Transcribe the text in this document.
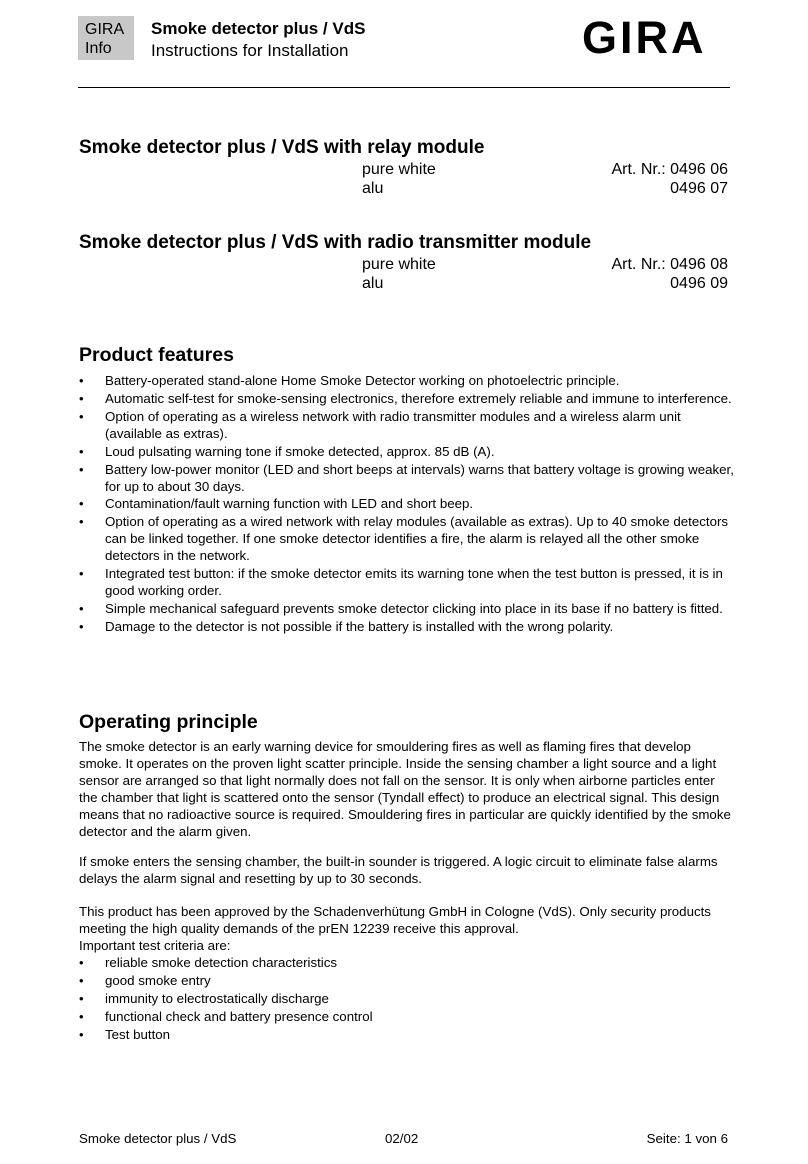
GIRA
Info
Smoke detector plus / VdS
Instructions for Installation	GIRA
Smoke detector plus / VdS with relay module
pure white	Art. Nr.: 0496 06
alu	0496 07
Smoke detector plus / VdS with radio transmitter module
pure white	Art. Nr.: 0496 08
alu	0496 09
Product features
• Battery-operated stand-alone Home Smoke Detector working on photoelectric principle.
• Automatic self-test for smoke-sensing electronics, therefore extremely reliable and immune to interference.
• Option of operating as a wireless network with radio transmitter modules and a wireless alarm unit (available as extras).
• Loud pulsating warning tone if smoke detected, approx. 85 dB (A).
• Battery low-power monitor (LED and short beeps at intervals) warns that battery voltage is growing weaker, for up to about 30 days.
• Contamination/fault warning function with LED and short beep.
• Option of operating as a wired network with relay modules (available as extras). Up to 40 smoke detectors can be linked together. If one smoke detector identifies a fire, the alarm is relayed all the other smoke detectors in the network.
• Integrated test button: if the smoke detector emits its warning tone when the test button is pressed, it is in good working order.
• Simple mechanical safeguard prevents smoke detector clicking into place in its base if no battery is fitted.
• Damage to the detector is not possible if the battery is installed with the wrong polarity.
Operating principle
The smoke detector is an early warning device for smouldering fires as well as flaming fires that develop smoke. It operates on the proven light scatter principle. Inside the sensing chamber a light source and a light sensor are arranged so that light normally does not fall on the sensor. It is only when airborne particles enter the chamber that light is scattered onto the sensor (Tyndall effect) to produce an electrical signal. This design means that no radioactive source is required. Smouldering fires in particular are quickly identified by the smoke detector and the alarm given.
If smoke enters the sensing chamber, the built-in sounder is triggered. A logic circuit to eliminate false alarms delays the alarm signal and resetting by up to 30 seconds.
This product has been approved by the Schadenverhütung GmbH in Cologne (VdS). Only security products meeting the high quality demands of the prEN 12239 receive this approval.
Important test criteria are:
• reliable smoke detection characteristics
• good smoke entry
• immunity to electrostatically discharge
• functional check and battery presence control
• Test button
Smoke detector plus / VdS	02/02	Seite: 1 von 6
